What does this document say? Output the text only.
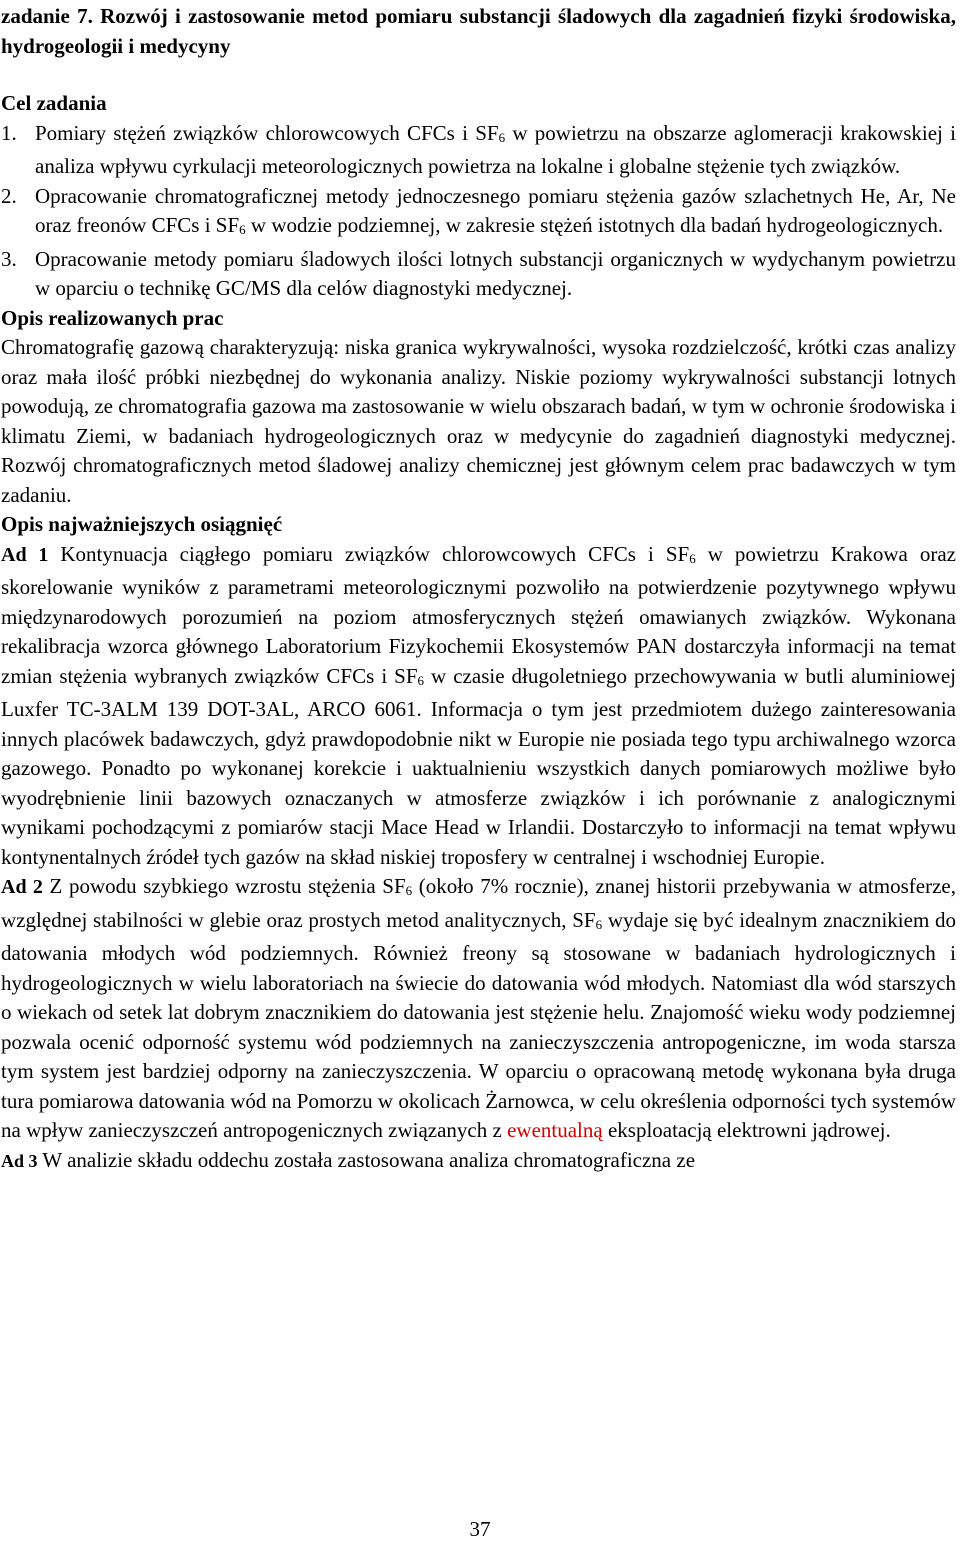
zadanie 7. Rozwój i zastosowanie metod pomiaru substancji śladowych dla zagadnień fizyki środowiska, hydrogeologii i medycyny

Cel zadania

1. Pomiary stężeń związków chlorowcowych CFCs i SF6 w powietrzu na obszarze aglomeracji krakowskiej i analiza wpływu cyrkulacji meteorologicznych powietrza na lokalne i globalne stężenie tych związków.

2. Opracowanie chromatograficznej metody jednoczesnego pomiaru stężenia gazów szlachetnych He, Ar, Ne oraz freonów CFCs i SF6 w wodzie podziemnej, w zakresie stężeń istotnych dla badań hydrogeologicznych.

3. Opracowanie metody pomiaru śladowych ilości lotnych substancji organicznych w wydychanym powietrzu w oparciu o technikę GC/MS dla celów diagnostyki medycznej.

Opis realizowanych prac

Chromatografię gazową charakteryzują: niska granica wykrywalności, wysoka rozdzielczość, krótki czas analizy oraz mała ilość próbki niezbędnej do wykonania analizy. Niskie poziomy wykrywalności substancji lotnych powodują, ze chromatografia gazowa ma zastosowanie w wielu obszarach badań, w tym w ochronie środowiska i klimatu Ziemi, w badaniach hydrogeologicznych oraz w medycynie do zagadnień diagnostyki medycznej. Rozwój chromatograficznych metod śladowej analizy chemicznej jest głównym celem prac badawczych w tym zadaniu.

Opis najważniejszych osiągnięć

Ad 1 Kontynuacja ciągłego pomiaru związków chlorowcowych CFCs i SF6 w powietrzu Krakowa oraz skorelowanie wyników z parametrami meteorologicznymi pozwoliło na potwierdzenie pozytywnego wpływu międzynarodowych porozumień na poziom atmosferycznych stężeń omawianych związków. Wykonana rekalibracja wzorca głównego Laboratorium Fizykochemii Ekosystemów PAN dostarczyła informacji na temat zmian stężenia wybranych związków CFCs i SF6 w czasie długoletniego przechowywania w butli aluminiowej Luxfer TC-3ALM 139 DOT-3AL, ARCO 6061. Informacja o tym jest przedmiotem dużego zainteresowania innych placówek badawczych, gdyż prawdopodobnie nikt w Europie nie posiada tego typu archiwalnego wzorca gazowego. Ponadto po wykonanej korekcie i uaktualnieniu wszystkich danych pomiarowych możliwe było wyodrębnienie linii bazowych oznaczanych w atmosferze związków i ich porównanie z analogicznymi wynikami pochodzącymi z pomiarów stacji Mace Head w Irlandii. Dostarczyło to informacji na temat wpływu kontynentalnych źródeł tych gazów na skład niskiej troposfery w centralnej i wschodniej Europie.

Ad 2 Z powodu szybkiego wzrostu stężenia SF6 (około 7% rocznie), znanej historii przebywania w atmosferze, względnej stabilności w glebie oraz prostych metod analitycznych, SF6 wydaje się być idealnym znacznikiem do datowania młodych wód podziemnych. Również freony są stosowane w badaniach hydrologicznych i hydrogeologicznych w wielu laboratoriach na świecie do datowania wód młodych. Natomiast dla wód starszych o wiekach od setek lat dobrym znacznikiem do datowania jest stężenie helu. Znajomość wieku wody podziemnej pozwala ocenić odporność systemu wód podziemnych na zanieczyszczenia antropogeniczne, im woda starsza tym system jest bardziej odporny na zanieczyszczenia. W oparciu o opracowaną metodę wykonana była druga tura pomiarowa datowania wód na Pomorzu w okolicach Żarnowca, w celu określenia odporności tych systemów na wpływ zanieczyszczeń antropogenicznych związanych z ewentualną eksploatacją elektrowni jądrowej.

Ad 3 W analizie składu oddechu została zastosowana analiza chromatograficzna ze

37
